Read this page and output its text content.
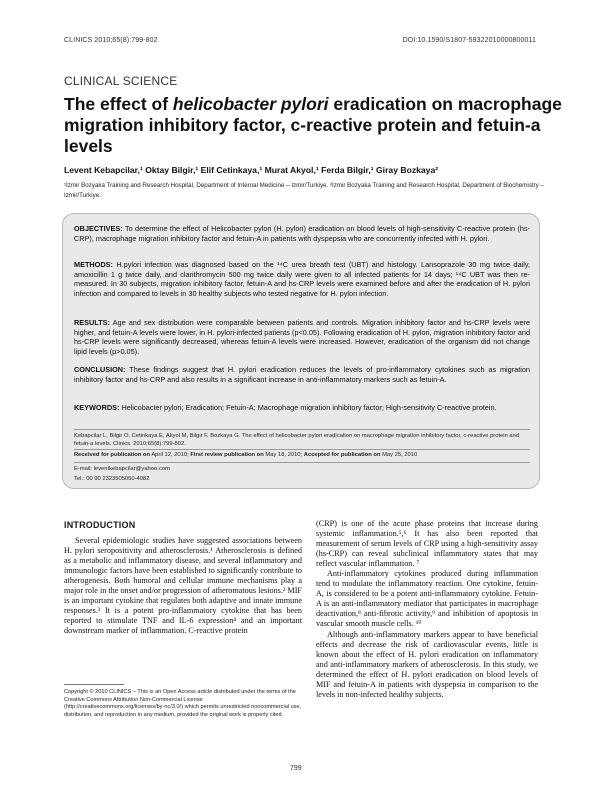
CLINICS 2010;65(8):799-802	DOI:10.1590/S1807-59322010000800011
CLINICAL SCIENCE
The effect of helicobacter pylori eradication on macrophage migration inhibitory factor, c-reactive protein and fetuin-a levels
Levent Kebapcilar,¹ Oktay Bilgir,¹ Elif Cetinkaya,¹ Murat Akyol,¹ Ferda Bilgir,¹ Giray Bozkaya²
¹Izmir Bozyaka Training and Research Hospital, Department of Internal Medicine – Izmir/Turkiye. ²Izmir Bozyaka Training and Research Hospital, Department of Biochemistry – Izmir/Turkiye.

OBJECTIVES: To determine the effect of Helicobacter pylori (H. pylori) eradication on blood levels of high-sensitivity C-reactive protein (hs-CRP), macrophage migration inhibitory factor and fetuin-A in patients with dyspepsia who are concurrently infected with H. pylori.

METHODS: H.pylori infection was diagnosed based on the ¹⁴C urea breath test (UBT) and histology. Lansoprazole 30 mg twice daily, amoxicillin 1 g twice daily, and clarithromycin 500 mg twice daily were given to all infected patients for 14 days; ¹⁴C UBT was then re-measured. In 30 subjects, migration inhibitory factor, fetuin-A and hs-CRP levels were examined before and after the eradication of H. pylori infection and compared to levels in 30 healthy subjects who tested negative for H. pylori infection.

RESULTS: Age and sex distribution were comparable between patients and controls. Migration inhibitory factor and hs-CRP levels were higher, and fetuin-A levels were lower, in H. pylori-infected patients (p<0.05). Following eradication of H. pylori, migration inhibitory factor and hs-CRP levels were significantly decreased, whereas fetuin-A levels were increased. However, eradication of the organism did not change lipid levels (p>0.05).

CONCLUSION: These findings suggest that H. pylori eradication reduces the levels of pro-inflammatory cytokines such as migration inhibitory factor and hs-CRP and also results in a significant increase in anti-inflammatory markers such as fetuin-A.

KEYWORDS: Helicobacter pylori; Eradication; Fetuin-A; Macrophage migration inhibitory factor; High-sensitivity C-reactive protein.

Kebapcilar L, Bilgir O, Cetinkaya E, Akyol M, Bilgir F, Bozkaya G. The effect of helicobacter pylori eradication on macrophage migration inhibitory factor, c-reactive protein and fetuin-a levels. Clinics. 2010;65(8):799-802.

Received for publication on April 12, 2010; First review publication on May 18, 2010; Accepted for publication on May 25, 2010

E-mail: leventkebapcilar@yahoo.com

Tel.: 00 90 2323505050-4082

INTRODUCTION

Several epidemiologic studies have suggested associations between H. pylori seropositivity and atherosclerosis.¹ Atherosclerosis is defined as a metabolic and inflammatory disease, and several inflammatory and immunologic factors have been established to significantly contribute to atherogenesis. Both humoral and cellular immune mechanisms play a major role in the onset and/or progression of atheromatous lesions.² MIF is an important cytokine that regulates both adaptive and innate immune responses.³ It is a potent pro-inflammatory cytokine that has been reported to stimulate TNF and IL-6 expression⁴ and an important downstream marker of inflammation. C-reactive protein

(CRP) is one of the acute phase proteins that increase during systemic inflammation.⁵,⁶ It has also been reported that measurement of serum levels of CRP using a high-sensitivity assay (hs-CRP) can reveal subclinical inflammatory states that may reflect vascular inflammation. ⁷

Anti-inflammatory cytokines produced during inflammation tend to modulate the inflammatory reaction. One cytokine, fetuin-A, is considered to be a potent anti-inflammatory cytokine. Fetuin-A is an anti-inflammatory mediator that participates in macrophage deactivation,⁸ anti-fibrotic activity,⁹ and inhibition of apoptosis in vascular smooth muscle cells. ¹⁰

Although anti-inflammatory markers appear to have beneficial effects and decrease the risk of cardiovascular events, little is known about the effect of H. pylori eradication on inflammatory and anti-inflammatory markers of atherosclerosis. In this study, we determined the effect of H. pylori eradication on blood levels of MIF and fetuin-A in patients with dyspepsia in comparison to the levels in non-infected healthy subjects.

Copyright © 2010 CLINICS – This is an Open Access article distributed under the terms of the Creative Commons Attribution Non-Commercial License (http://creativecommons.org/licenses/by-nc/3.0/) which permits unrestricted noncommercial use, distribution, and reproduction in any medium, provided the original work is properly cited.

799
